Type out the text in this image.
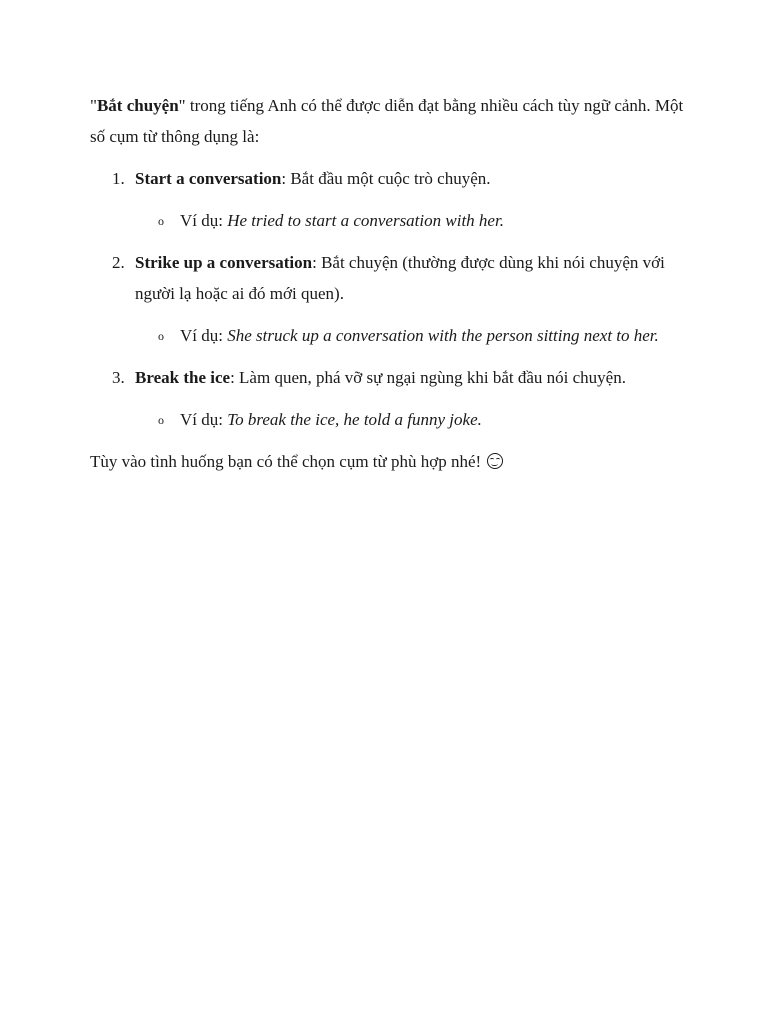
"Bắt chuyện" trong tiếng Anh có thể được diễn đạt bằng nhiều cách tùy ngữ cảnh. Một số cụm từ thông dụng là:

1. Start a conversation: Bắt đầu một cuộc trò chuyện.

o Ví dụ: He tried to start a conversation with her.
2. Strike up a conversation: Bắt chuyện (thường được dùng khi nói chuyện với người lạ hoặc ai đó mới quen).

o Ví dụ: She struck up a conversation with the person sitting next to her.
3. Break the ice: Làm quen, phá vỡ sự ngại ngùng khi bắt đầu nói chuyện.

o Ví dụ: To break the ice, he told a funny joke.

Tùy vào tình huống bạn có thể chọn cụm từ phù hợp nhé!
